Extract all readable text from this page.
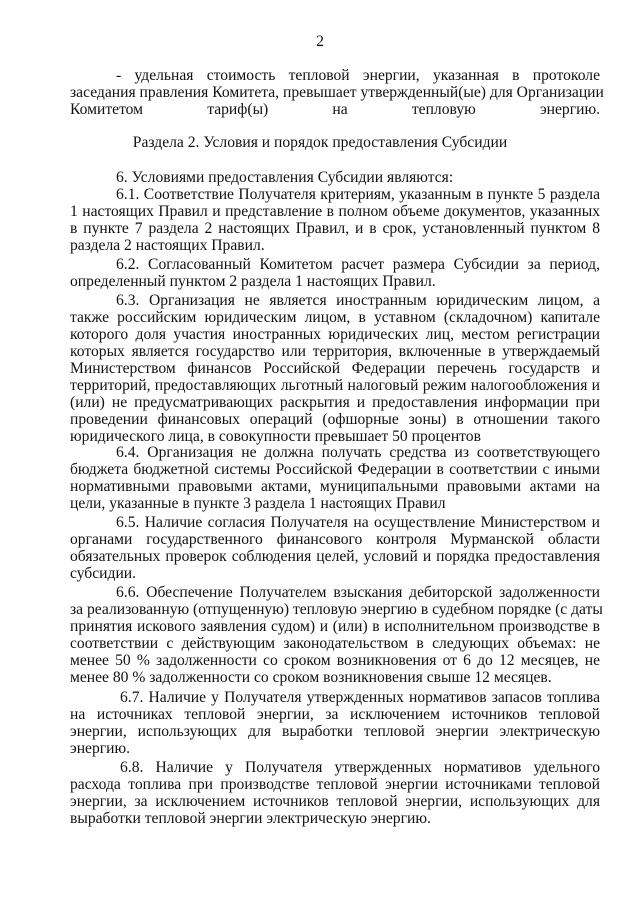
2
Раздела 2. Условия и порядок предоставления Субсидии
- удельная стоимость тепловой энергии, указанная в протоколе
заседания правления Комитета, превышает утвержденный(ые) для Организации
Комитетом тариф(ы) на тепловую энергию.
6. Условиями предоставления Субсидии являются:
6.1. Соответствие Получателя критериям, указанным в пункте 5 раздела
1 настоящих Правил и представление в полном объеме документов, указанных
в пункте 7 раздела 2 настоящих Правил, и в срок, установленный пунктом 8
раздела 2 настоящих Правил.
6.2. Согласованный Комитетом расчет размера Субсидии за период,
определенный пунктом 2 раздела 1 настоящих Правил.
6.3. Организация не является иностранным юридическим лицом, а
также российским юридическим лицом, в уставном (складочном) капитале
которого доля участия иностранных юридических лиц, местом регистрации
которых является государство или территория, включенные в утверждаемый
Министерством финансов Российской Федерации перечень государств и
территорий, предоставляющих льготный налоговый режим налогообложения и
(или) не предусматривающих раскрытия и предоставления информации при
проведении финансовых операций (офшорные зоны) в отношении такого
юридического лица, в совокупности превышает 50 процентов
6.4. Организация не должна получать средства из соответствующего
бюджета бюджетной системы Российской Федерации в соответствии с иными
нормативными правовыми актами, муниципальными правовыми актами на
цели, указанные в пункте 3 раздела 1 настоящих Правил
6.5. Наличие согласия Получателя на осуществление Министерством и
органами государственного финансового контроля Мурманской области
обязательных проверок соблюдения целей, условий и порядка предоставления
субсидии.
6.6. Обеспечение Получателем взыскания дебиторской задолженности
за реализованную (отпущенную) тепловую энергию в судебном порядке (с даты
принятия искового заявления судом) и (или) в исполнительном производстве в
соответствии с действующим законодательством в следующих объемах: не
менее 50 % задолженности со сроком возникновения от 6 до 12 месяцев, не
менее 80 % задолженности со сроком возникновения свыше 12 месяцев.
6.7. Наличие у Получателя утвержденных нормативов запасов топлива
на источниках тепловой энергии, за исключением источников тепловой
энергии, использующих для выработки тепловой энергии электрическую
энергию.
6.8. Наличие у Получателя утвержденных нормативов удельного
расхода топлива при производстве тепловой энергии источниками тепловой
энергии, за исключением источников тепловой энергии, использующих для
выработки тепловой энергии электрическую энергию.
